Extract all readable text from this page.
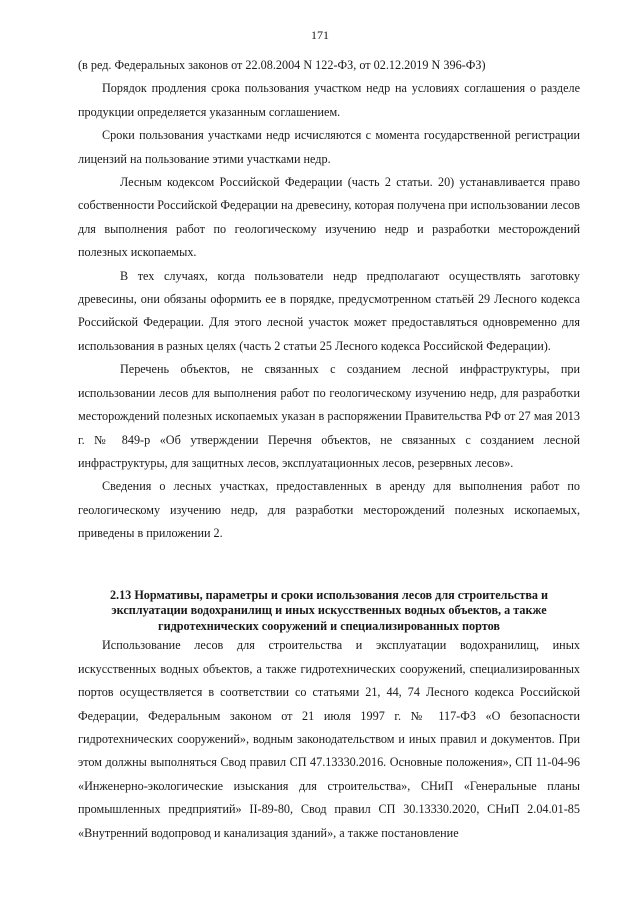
171

(в ред. Федеральных законов от 22.08.2004 N 122-ФЗ, от 02.12.2019 N 396-ФЗ)

Порядок продления срока пользования участком недр на условиях соглашения о разделе продукции определяется указанным соглашением.

Сроки пользования участками недр исчисляются с момента государственной регистрации лицензий на пользование этими участками недр.

Лесным кодексом Российской Федерации (часть 2 статьи. 20) устанавливается право собственности Российской Федерации на древесину, которая получена при использовании лесов для выполнения работ по геологическому изучению недр и разработки месторождений полезных ископаемых.

В тех случаях, когда пользователи недр предполагают осуществлять заготовку древесины, они обязаны оформить ее в порядке, предусмотренном статьёй 29 Лесного кодекса Российской Федерации. Для этого лесной участок может предоставляться одновременно для использования в разных целях (часть 2 статьи 25 Лесного кодекса Российской Федерации).

Перечень объектов, не связанных с созданием лесной инфраструктуры, при использовании лесов для выполнения работ по геологическому изучению недр, для разработки месторождений полезных ископаемых указан в распоряжении Правительства РФ от 27 мая 2013 г. № 849-р «Об утверждении Перечня объектов, не связанных с созданием лесной инфраструктуры, для защитных лесов, эксплуатационных лесов, резервных лесов».

Сведения о лесных участках, предоставленных в аренду для выполнения работ по геологическому изучению недр, для разработки месторождений полезных ископаемых, приведены в приложении 2.

2.13 Нормативы, параметры и сроки использования лесов для строительства и эксплуатации водохранилищ и иных искусственных водных объектов, а также гидротехнических сооружений и специализированных портов

Использование лесов для строительства и эксплуатации водохранилищ, иных искусственных водных объектов, а также гидротехнических сооружений, специализированных портов осуществляется в соответствии со статьями 21, 44, 74 Лесного кодекса Российской Федерации, Федеральным законом от 21 июля 1997 г. № 117-ФЗ «О безопасности гидротехнических сооружений», водным законодательством и иных правил и документов. При этом должны выполняться Свод правил СП 47.13330.2016. Основные положения», СП 11-04-96 «Инженерно-экологические изыскания для строительства», СНиП «Генеральные планы промышленных предприятий» II-89-80, Свод правил СП 30.13330.2020, СНиП 2.04.01-85 «Внутренний водопровод и канализация зданий», а также постановление
